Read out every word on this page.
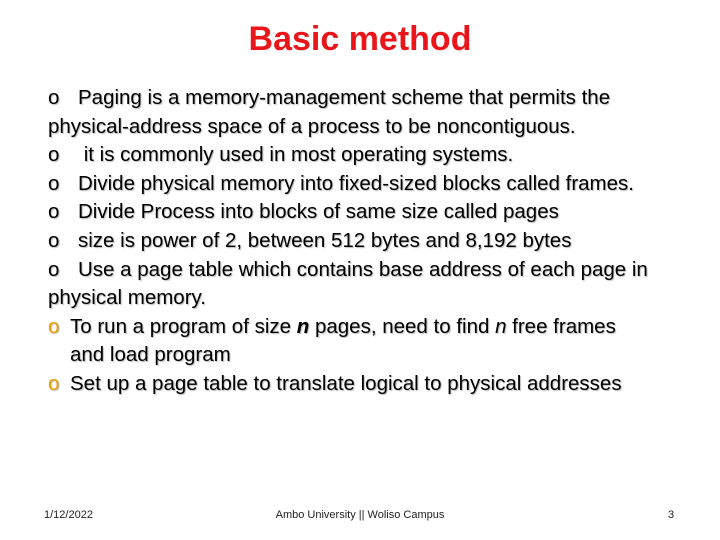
Basic method

o Paging is a memory-management scheme that permits the
physical-address space of a process to be noncontiguous.

o it is commonly used in most operating systems.

o Divide physical memory into fixed-sized blocks called frames.

o Divide Process into blocks of same size called pages

o size is power of 2, between 512 bytes and 8,192 bytes

o Use a page table which contains base address of each page in
physical memory.

o To run a program of size n pages, need to find n free frames
and load program

o Set up a page table to translate logical to physical addresses

1/12/2022	Ambo University || Woliso Campus	3
